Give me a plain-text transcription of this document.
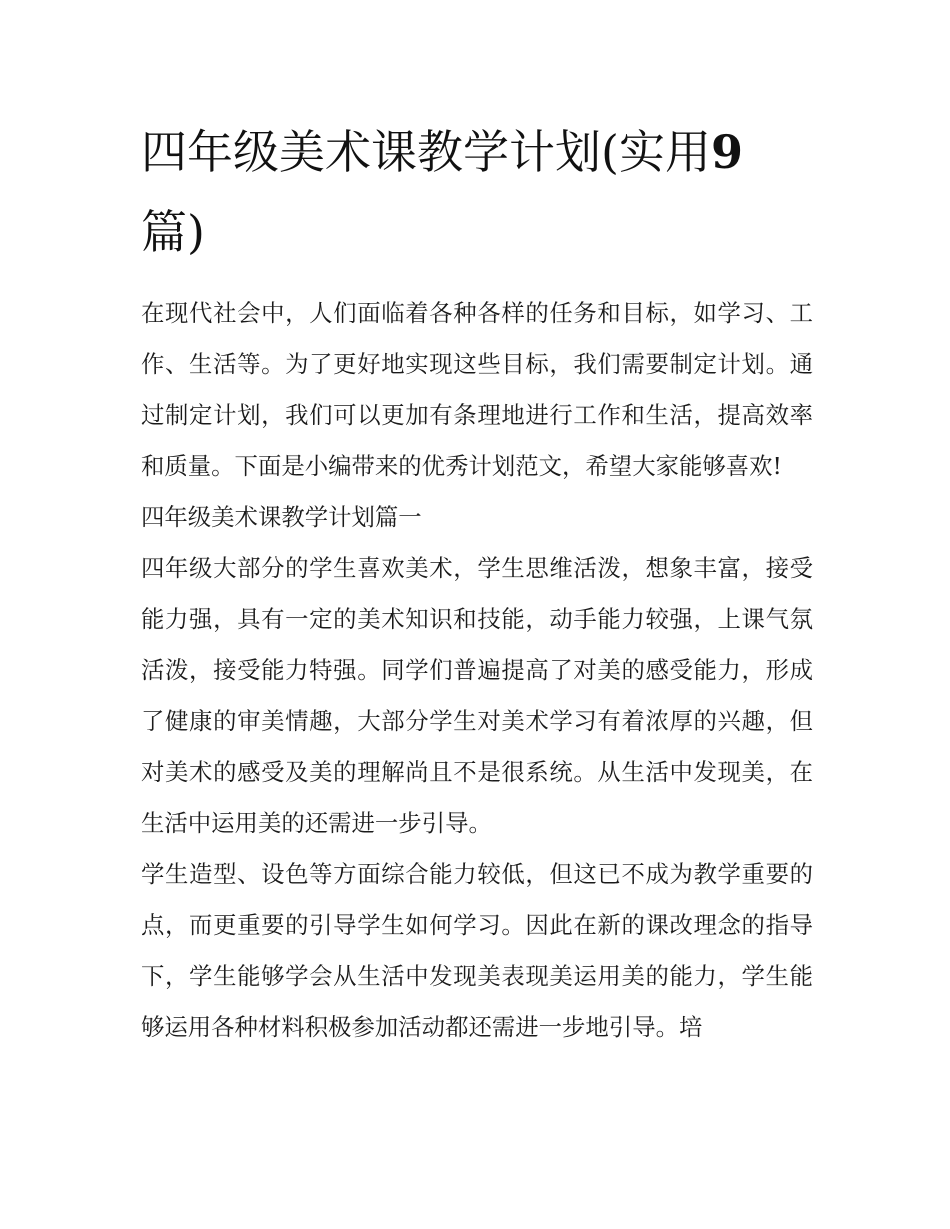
四年级美术课教学计划(实用9
篇)

在现代社会中，人们面临着各种各样的任务和目标，如学习、工作、生活等。为了更好地实现这些目标，我们需要制定计划。通过制定计划，我们可以更加有条理地进行工作和生活，提高效率和质量。下面是小编带来的优秀计划范文，希望大家能够喜欢!

四年级美术课教学计划篇一

四年级大部分的学生喜欢美术，学生思维活泼，想象丰富，接受能力强，具有一定的美术知识和技能，动手能力较强，上课气氛活泼，接受能力特强。同学们普遍提高了对美的感受能力，形成了健康的审美情趣，大部分学生对美术学习有着浓厚的兴趣，但对美术的感受及美的理解尚且不是很系统。从生活中发现美，在生活中运用美的还需进一步引导。

学生造型、设色等方面综合能力较低，但这已不成为教学重要的点，而更重要的引导学生如何学习。因此在新的课改理念的指导下，学生能够学会从生活中发现美表现美运用美的能力，学生能够运用各种材料积极参加活动都还需进一步地引导。培
